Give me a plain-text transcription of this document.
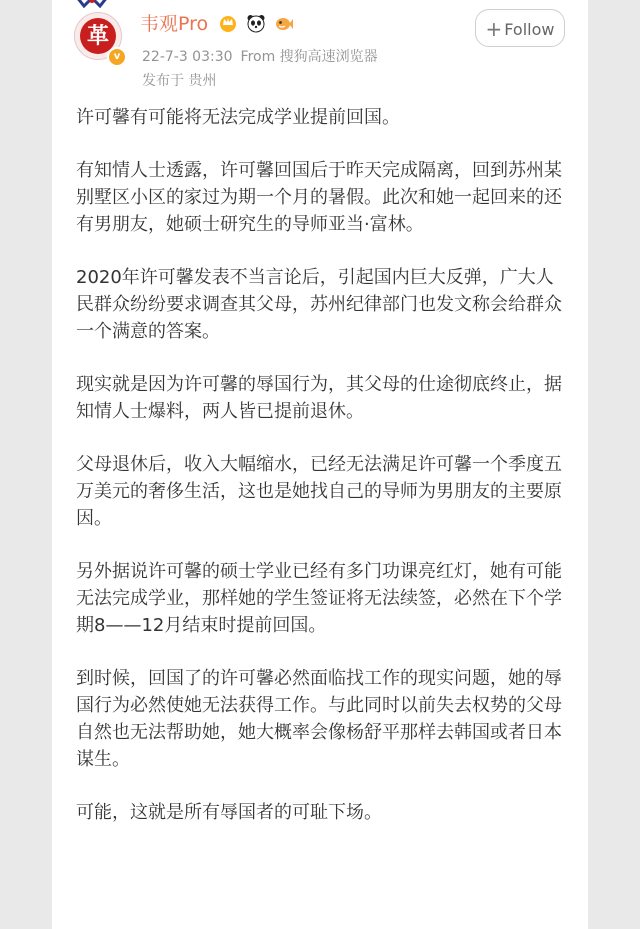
革
v
韦观Pro

22-7-3 03:30 From 搜狗高速浏览器
发布于 贵州
+ Follow

许可馨有可能将无法完成学业提前回国。

有知情人士透露，许可馨回国后于昨天完成隔离，回到苏州某别墅区小区的家过为期一个月的暑假。此次和她一起回来的还有男朋友，她硕士研究生的导师亚当·富林。

2020年许可馨发表不当言论后，引起国内巨大反弹，广大人民群众纷纷要求调查其父母，苏州纪律部门也发文称会给群众一个满意的答案。

现实就是因为许可馨的辱国行为，其父母的仕途彻底终止，据知情人士爆料，两人皆已提前退休。

父母退休后，收入大幅缩水，已经无法满足许可馨一个季度五万美元的奢侈生活，这也是她找自己的导师为男朋友的主要原因。

另外据说许可馨的硕士学业已经有多门功课亮红灯，她有可能无法完成学业，那样她的学生签证将无法续签，必然在下个学期8——12月结束时提前回国。

到时候，回国了的许可馨必然面临找工作的现实问题，她的辱国行为必然使她无法获得工作。与此同时以前失去权势的父母自然也无法帮助她，她大概率会像杨舒平那样去韩国或者日本谋生。

可能，这就是所有辱国者的可耻下场。
